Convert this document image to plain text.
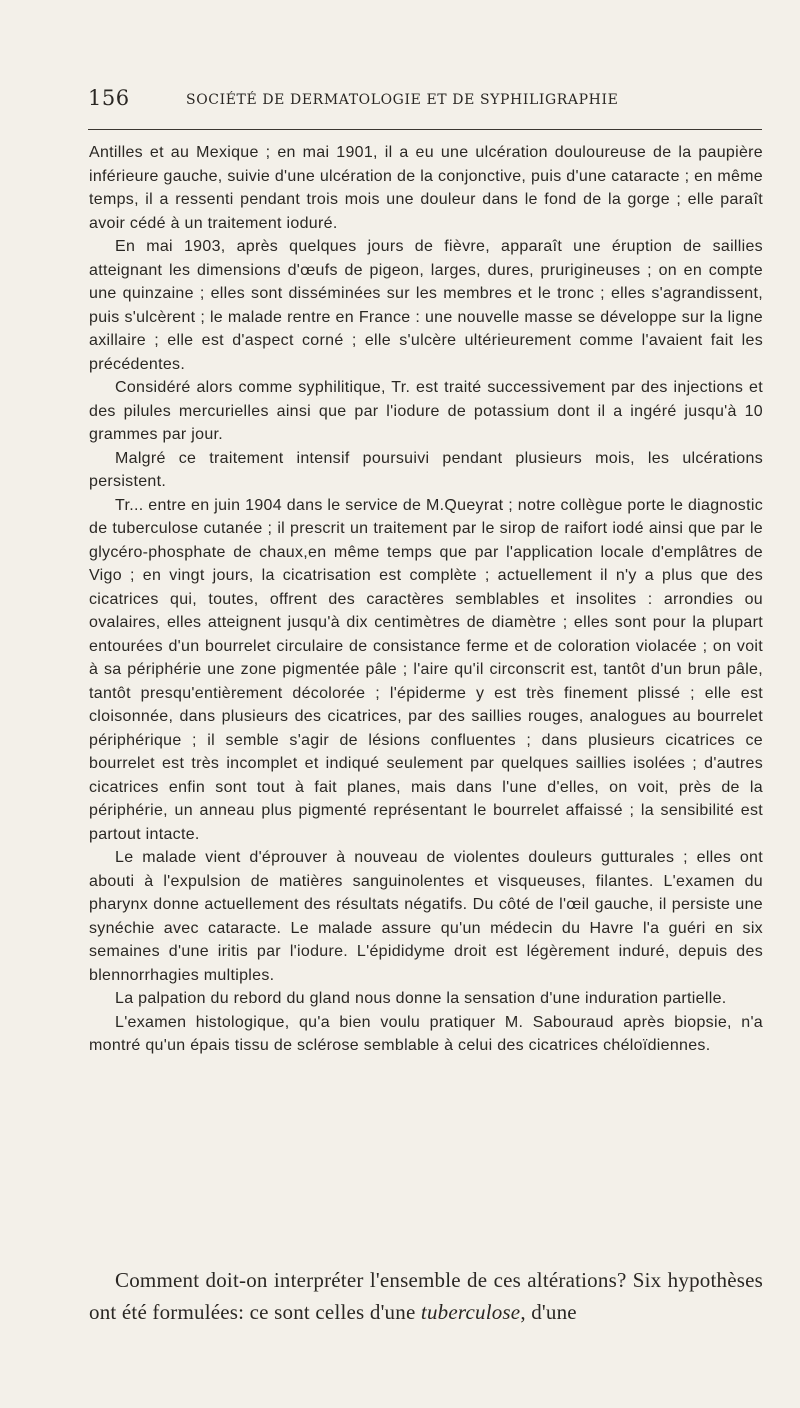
156	SOCIÉTÉ DE DERMATOLOGIE ET DE SYPHILIGRAPHIE

Antilles et au Mexique ; en mai 1901, il a eu une ulcération douloureuse de la paupière inférieure gauche, suivie d'une ulcération de la conjonctive, puis d'une cataracte ; en même temps, il a ressenti pendant trois mois une douleur dans le fond de la gorge ; elle paraît avoir cédé à un traitement ioduré.

En mai 1903, après quelques jours de fièvre, apparaît une éruption de saillies atteignant les dimensions d'œufs de pigeon, larges, dures, prurigineuses ; on en compte une quinzaine ; elles sont disséminées sur les membres et le tronc ; elles s'agrandissent, puis s'ulcèrent ; le malade rentre en France : une nouvelle masse se développe sur la ligne axillaire ; elle est d'aspect corné ; elle s'ulcère ultérieurement comme l'avaient fait les précédentes.

Considéré alors comme syphilitique, Tr. est traité successivement par des injections et des pilules mercurielles ainsi que par l'iodure de potassium dont il a ingéré jusqu'à 10 grammes par jour.

Malgré ce traitement intensif poursuivi pendant plusieurs mois, les ulcérations persistent.

Tr... entre en juin 1904 dans le service de M.Queyrat ; notre collègue porte le diagnostic de tuberculose cutanée ; il prescrit un traitement par le sirop de raifort iodé ainsi que par le glycéro-phosphate de chaux,en même temps que par l'application locale d'emplâtres de Vigo ; en vingt jours, la cicatrisation est complète ; actuellement il n'y a plus que des cicatrices qui, toutes, offrent des caractères semblables et insolites : arrondies ou ovalaires, elles atteignent jusqu'à dix centimètres de diamètre ; elles sont pour la plupart entourées d'un bourrelet circulaire de consistance ferme et de coloration violacée ; on voit à sa périphérie une zone pigmentée pâle ; l'aire qu'il circonscrit est, tantôt d'un brun pâle, tantôt presqu'entièrement décolorée ; l'épiderme y est très finement plissé ; elle est cloisonnée, dans plusieurs des cicatrices, par des saillies rouges, analogues au bourrelet périphérique ; il semble s'agir de lésions confluentes ; dans plusieurs cicatrices ce bourrelet est très incomplet et indiqué seulement par quelques saillies isolées ; d'autres cicatrices enfin sont tout à fait planes, mais dans l'une d'elles, on voit, près de la périphérie, un anneau plus pigmenté représentant le bourrelet affaissé ; la sensibilité est partout intacte.

Le malade vient d'éprouver à nouveau de violentes douleurs gutturales ; elles ont abouti à l'expulsion de matières sanguinolentes et visqueuses, filantes. L'examen du pharynx donne actuellement des résultats négatifs. Du côté de l'œil gauche, il persiste une synéchie avec cataracte. Le malade assure qu'un médecin du Havre l'a guéri en six semaines d'une iritis par l'iodure. L'épididyme droit est légèrement induré, depuis des blennorrhagies multiples.

La palpation du rebord du gland nous donne la sensation d'une induration partielle.

L'examen histologique, qu'a bien voulu pratiquer M. Sabouraud après biopsie, n'a montré qu'un épais tissu de sclérose semblable à celui des cicatrices chéloïdiennes.

Comment doit-on interpréter l'ensemble de ces altérations? Six hypothèses ont été formulées: ce sont celles d'une tuberculose, d'une
